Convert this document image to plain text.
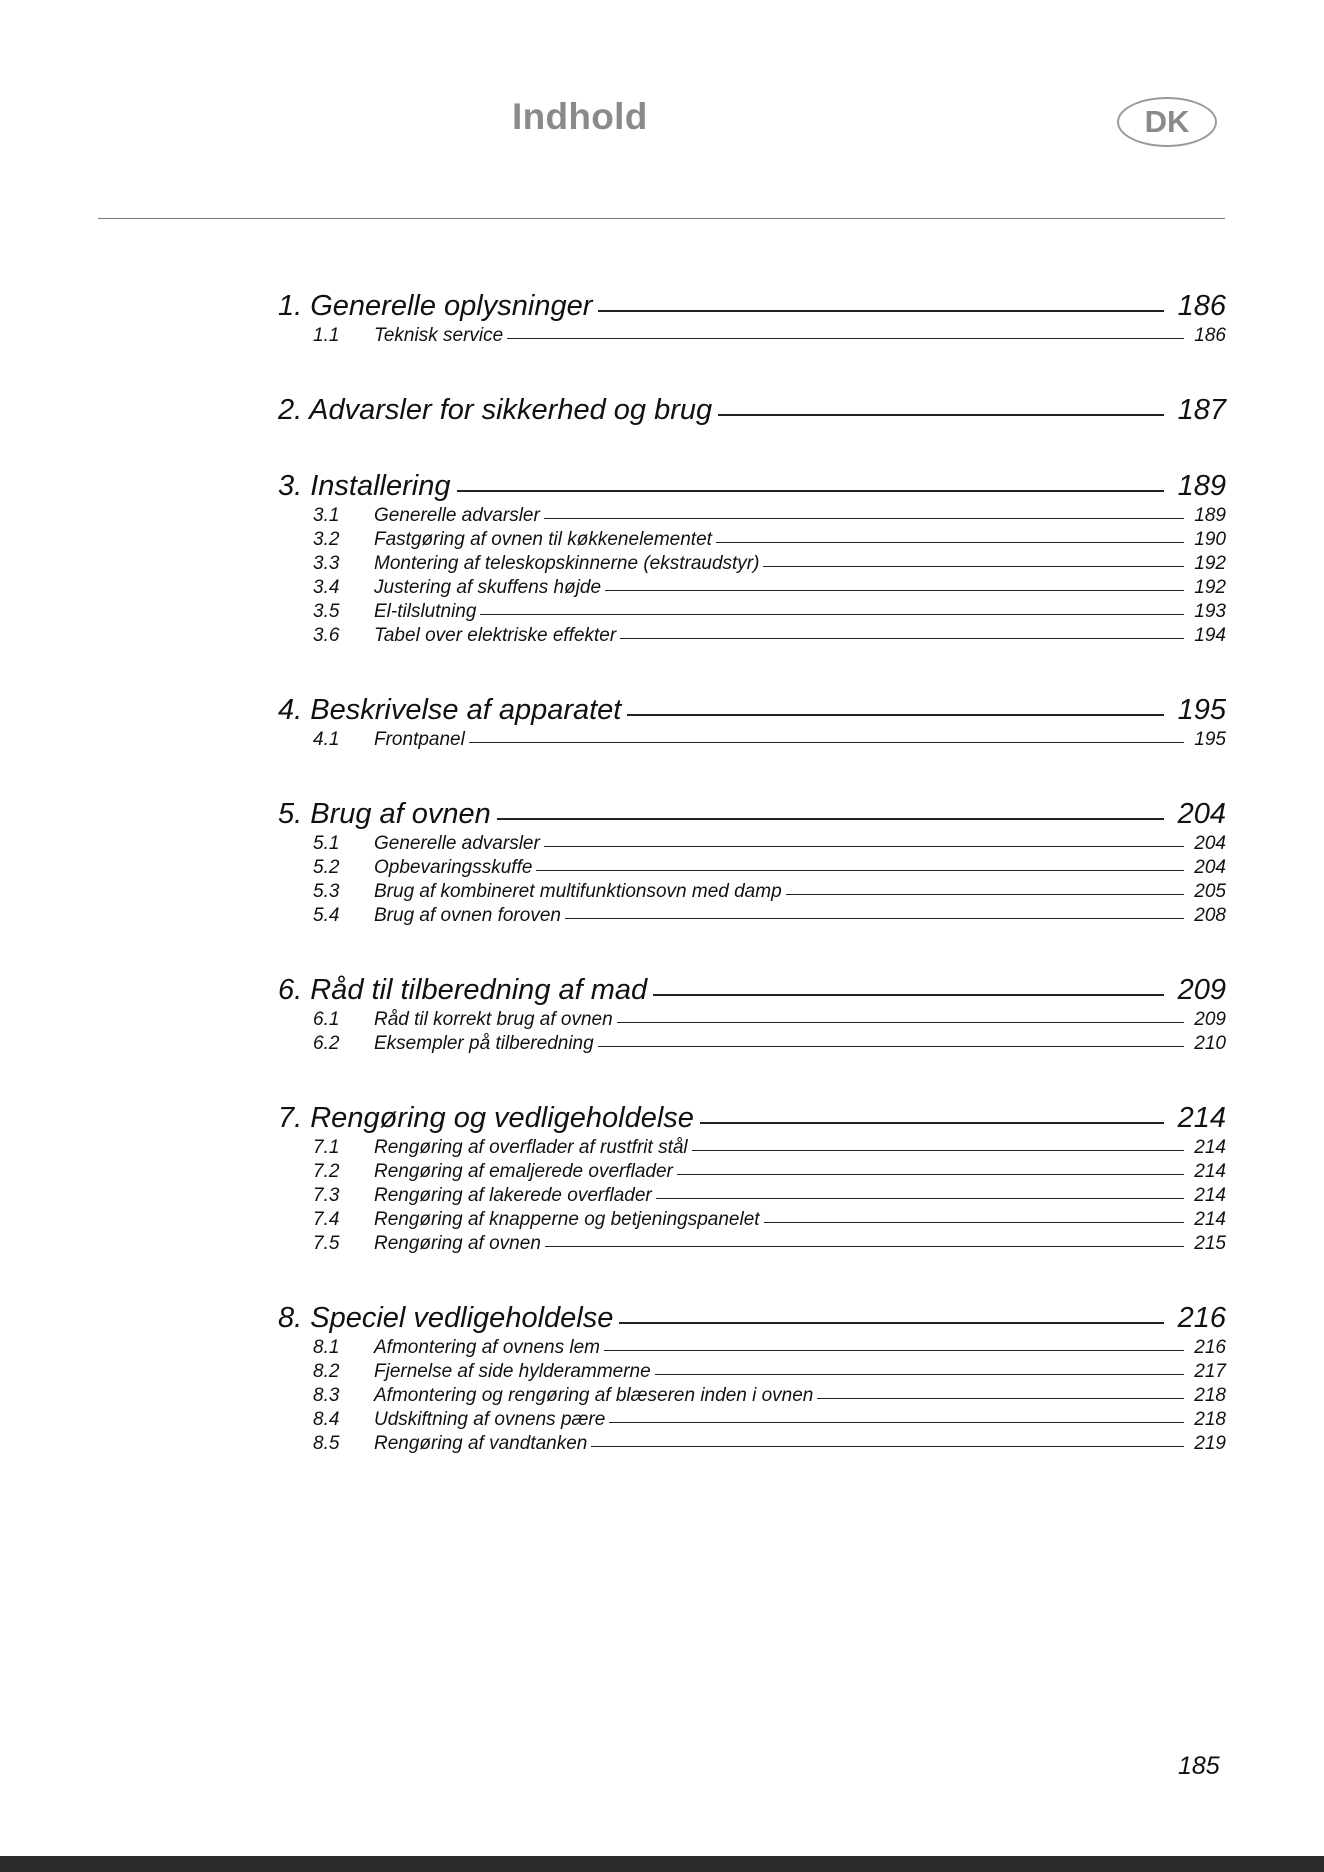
Indhold	DK
1. Generelle oplysninger	186
1.1	Teknisk service	186
2. Advarsler for sikkerhed og brug	187
3. Installering	189
3.1	Generelle advarsler	189
3.2	Fastgøring af ovnen til køkkenelementet	190
3.3	Montering af teleskopskinnerne (ekstraudstyr)	192
3.4	Justering af skuffens højde	192
3.5	El-tilslutning	193
3.6	Tabel over elektriske effekter	194
4. Beskrivelse af apparatet	195
4.1	Frontpanel	195
5. Brug af ovnen	204
5.1	Generelle advarsler	204
5.2	Opbevaringsskuffe	204
5.3	Brug af kombineret multifunktionsovn med damp	205
5.4	Brug af ovnen foroven	208
6. Råd til tilberedning af mad	209
6.1	Råd til korrekt brug af ovnen	209
6.2	Eksempler på tilberedning	210
7. Rengøring og vedligeholdelse	214
7.1	Rengøring af overflader af rustfrit stål	214
7.2	Rengøring af emaljerede overflader	214
7.3	Rengøring af lakerede overflader	214
7.4	Rengøring af knapperne og betjeningspanelet	214
7.5	Rengøring af ovnen	215
8. Speciel vedligeholdelse	216
8.1	Afmontering af ovnens lem	216
8.2	Fjernelse af side hylderammerne	217
8.3	Afmontering og rengøring af blæseren inden i ovnen	218
8.4	Udskiftning af ovnens pære	218
8.5	Rengøring af vandtanken	219
185
